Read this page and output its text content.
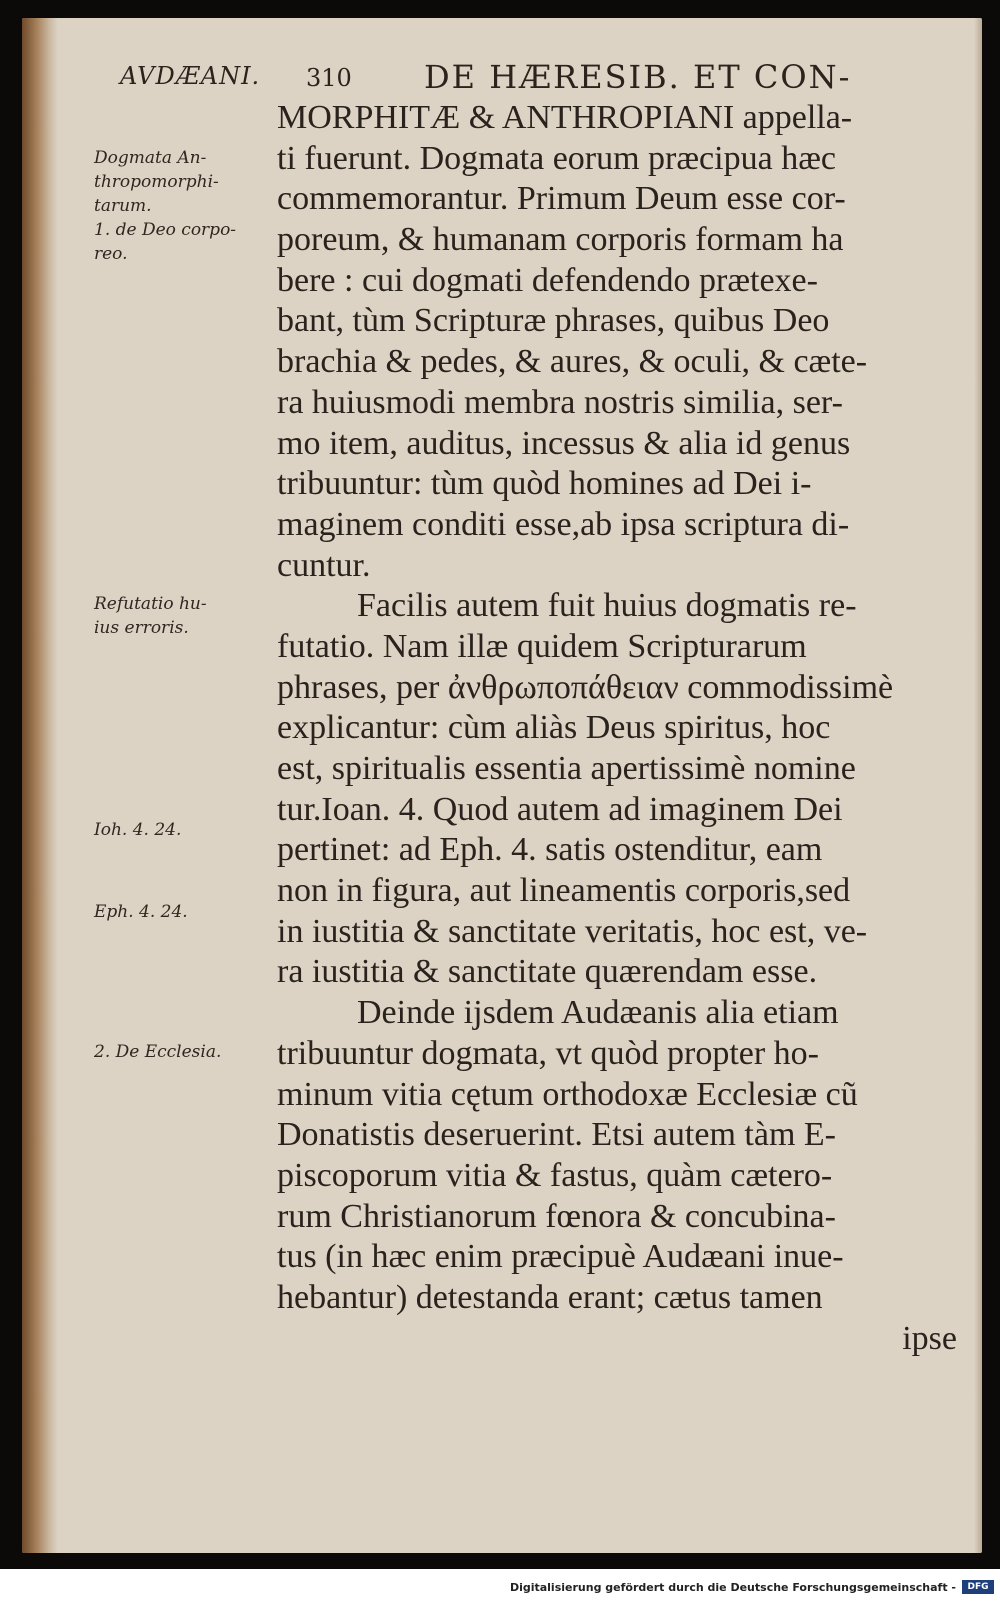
AVDÆANI. 310 DE HÆRESIB. ET CON-
Dogmata An-
thropomorphi-
tarum.
1. de Deo corpo-
reo.
Refutatio hu-
ius erroris.
Ioh. 4. 24.
Eph. 4. 24.
2. De Ecclesia.
MORPHITÆ & ANTHROPIANI appella-
ti fuerunt. Dogmata eorum præcipua hæc
commemorantur. Primum Deum esse cor-
poreum, & humanam corporis formam ha
bere : cui dogmati defendendo prætexe-
bant, tùm Scripturæ phrases, quibus Deo
brachia & pedes, & aures, & oculi, & cæte-
ra huiusmodi membra nostris similia, ser-
mo item, auditus, incessus & alia id genus
tribuuntur: tùm quòd homines ad Dei i-
maginem conditi esse,ab ipsa scriptura di-
cuntur.
Facilis autem fuit huius dogmatis re-
futatio. Nam illæ quidem Scripturarum
phrases, per ἀνθρωποπάθειαν commodissimè
explicantur: cùm aliàs Deus spiritus, hoc
est, spiritualis essentia apertissimè nomine
tur.Ioan. 4. Quod autem ad imaginem Dei
pertinet: ad Eph. 4. satis ostenditur, eam
non in figura, aut lineamentis corporis,sed
in iustitia & sanctitate veritatis, hoc est, ve-
ra iustitia & sanctitate quærendam esse.
Deinde ijsdem Audæanis alia etiam
tribuuntur dogmata, vt quòd propter ho-
minum vitia cętum orthodoxæ Ecclesiæ cũ
Donatistis deseruerint. Etsi autem tàm E-
piscoporum vitia & fastus, quàm cætero-
rum Christianorum fœnora & concubina-
tus (in hæc enim præcipuè Audæani inue-
hebantur) detestanda erant; cætus tamen
ipse
Digitalisierung gefördert durch die Deutsche Forschungsgemeinschaft -	DFG
